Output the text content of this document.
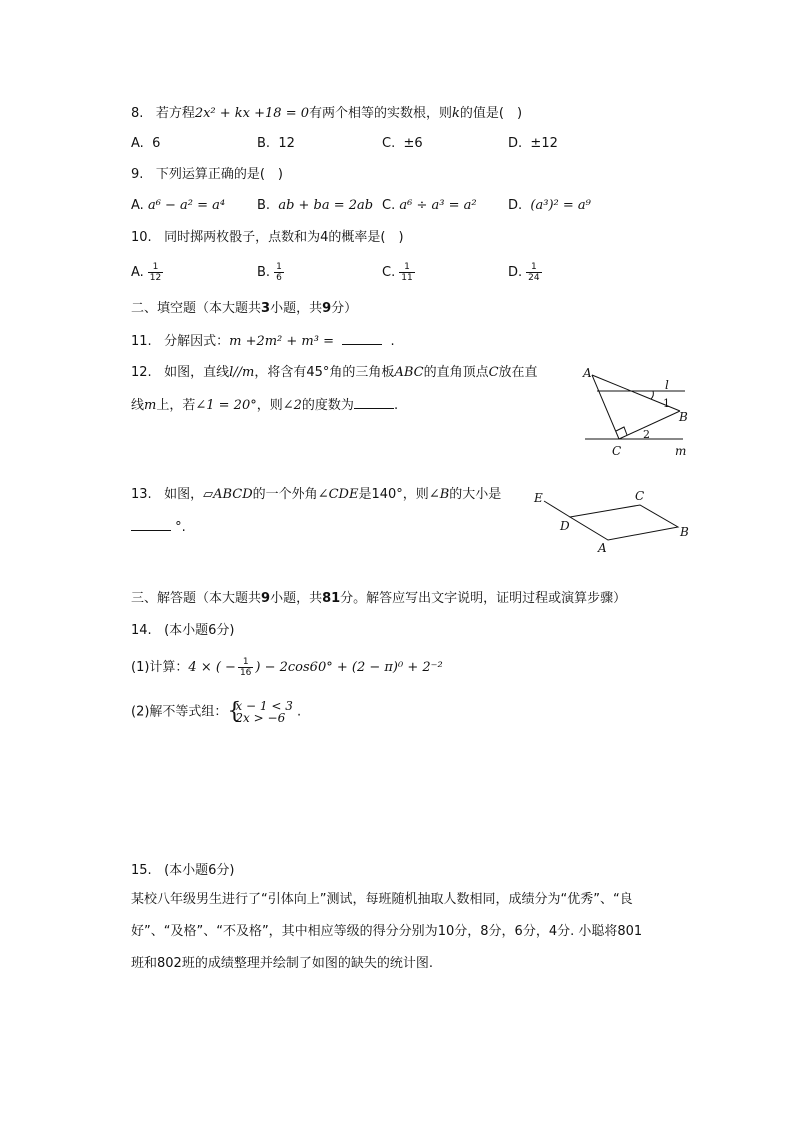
8. 若方程2x² + kx +18 = 0有两个相等的实数根，则k的值是(　)
A. 6	B. 12	C. ±6	D. ±12
9. 下列运算正确的是(　)
A. a⁶ − a² = a⁴ B. ab + ba = 2ab C. a⁶ ÷ a³ = a² D. (a³)² = a⁹
10. 同时掷两枚骰子，点数和为4的概率是(　)
A. $\frac{1}{12}$	B. $\frac{1}{6}$	C. $\frac{1}{11}$	D. $\frac{1}{24}$
二、填空题（本大题共3小题，共9分）
11. 分解因式：m +2m² + m³ =	.
12. 如图，直线l//m，将含有45°角的三角板ABC的直角顶点C放在直
线m上，若∠1 = 20°，则∠2的度数为	.
A
B
C	m
l
1
2
13. 如图，▱ABCD的一个外角∠CDE是140°，则∠B的大小是
°.
E	C
D
A
B
三、解答题（本大题共9小题，共81分。解答应写出文字说明，证明过程或演算步骤）
14. (本小题6分)
(1)计算：4 × ( − $\frac{1}{16}$ ) − 2cos60° + (2 − π)⁰ + 2⁻²
(2)解不等式组： {
x − 1 < 3
2x > −6 .
15. (本小题6分)
某校八年级男生进行了“引体向上”测试，每班随机抽取人数相同，成绩分为“优秀”、“良
好”、“及格”、“不及格”，其中相应等级的得分分别为10分，8分，6分，4分. 小聪将801
班和802班的成绩整理并绘制了如图的缺失的统计图.
